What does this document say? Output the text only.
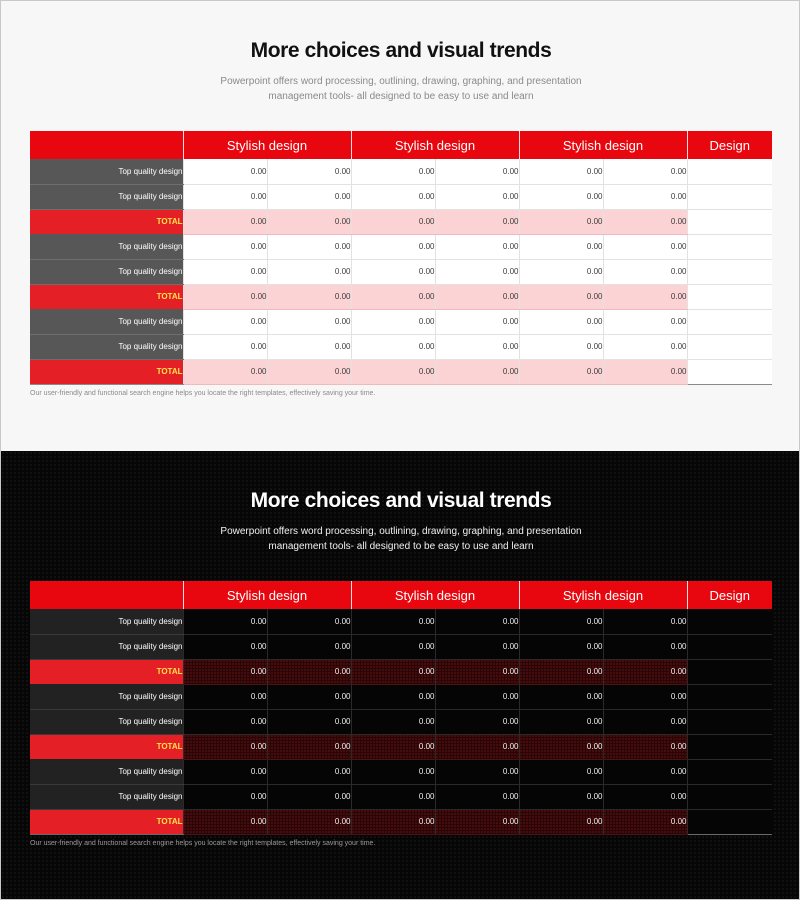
More choices and visual trends
Powerpoint offers word processing, outlining, drawing, graphing, and presentation
management tools- all designed to be easy to use and learn
	Stylish design		Stylish design		Stylish design		Design
Top quality design	0.00	0.00	0.00	0.00	0.00	0.00	
Top quality design	0.00	0.00	0.00	0.00	0.00	0.00	
TOTAL	0.00	0.00	0.00	0.00	0.00	0.00	
Top quality design	0.00	0.00	0.00	0.00	0.00	0.00	
Top quality design	0.00	0.00	0.00	0.00	0.00	0.00	
TOTAL	0.00	0.00	0.00	0.00	0.00	0.00	
Top quality design	0.00	0.00	0.00	0.00	0.00	0.00	
Top quality design	0.00	0.00	0.00	0.00	0.00	0.00	
TOTAL	0.00	0.00	0.00	0.00	0.00	0.00	
Our user-friendly and functional search engine helps you locate the right templates, effectively saving your time.
More choices and visual trends
Powerpoint offers word processing, outlining, drawing, graphing, and presentation
management tools- all designed to be easy to use and learn
	Stylish design		Stylish design		Stylish design		Design
Top quality design	0.00	0.00	0.00	0.00	0.00	0.00	
Top quality design	0.00	0.00	0.00	0.00	0.00	0.00	
TOTAL	0.00	0.00	0.00	0.00	0.00	0.00	
Top quality design	0.00	0.00	0.00	0.00	0.00	0.00	
Top quality design	0.00	0.00	0.00	0.00	0.00	0.00	
TOTAL	0.00	0.00	0.00	0.00	0.00	0.00	
Top quality design	0.00	0.00	0.00	0.00	0.00	0.00	
Top quality design	0.00	0.00	0.00	0.00	0.00	0.00	
TOTAL	0.00	0.00	0.00	0.00	0.00	0.00	
Our user-friendly and functional search engine helps you locate the right templates, effectively saving your time.
